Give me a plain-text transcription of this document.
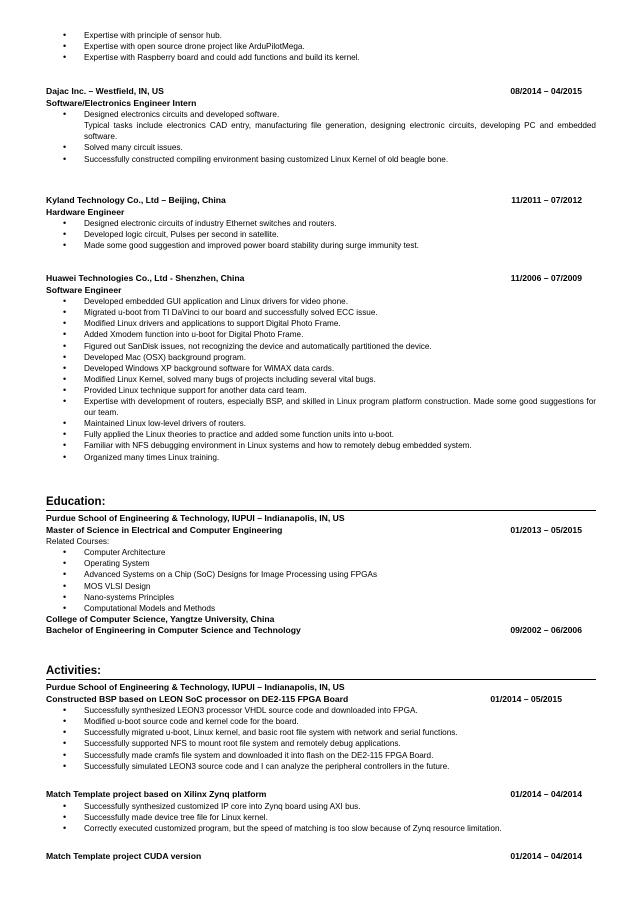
• Expertise with principle of sensor hub.
• Expertise with open source drone project like ArduPilotMega.
• Expertise with Raspberry board and could add functions and build its kernel.
Dajac Inc. – Westfield, IN, US	08/2014 – 04/2015
Software/Electronics Engineer Intern
• Designed electronics circuits and developed software.
Typical tasks include electronics CAD entry, manufacturing file generation, designing electronic circuits, developing PC and embedded software.
• Solved many circuit issues.
• Successfully constructed compiling environment basing customized Linux Kernel of old beagle bone.
Kyland Technology Co., Ltd – Beijing, China	11/2011 – 07/2012
Hardware Engineer
• Designed electronic circuits of industry Ethernet switches and routers.
• Developed logic circuit, Pulses per second in satellite.
• Made some good suggestion and improved power board stability during surge immunity test.
Huawei Technologies Co., Ltd - Shenzhen, China	11/2006 – 07/2009
Software Engineer
• Developed embedded GUI application and Linux drivers for video phone.
• Migrated u-boot from TI DaVinci to our board and successfully solved ECC issue.
• Modified Linux drivers and applications to support Digital Photo Frame.
• Added Xmodem function into u-boot for Digital Photo Frame.
• Figured out SanDisk issues, not recognizing the device and automatically partitioned the device.
• Developed Mac (OSX) background program.
• Developed Windows XP background software for WiMAX data cards.
• Modified Linux Kernel, solved many bugs of projects including several vital bugs.
• Provided Linux technique support for another data card team.
• Expertise with development of routers, especially BSP, and skilled in Linux program platform construction. Made some good suggestions for our team.
• Maintained Linux low-level drivers of routers.
• Fully applied the Linux theories to practice and added some function units into u-boot.
• Familiar with NFS debugging environment in Linux systems and how to remotely debug embedded system.
• Organized many times Linux training.
Education:
Purdue School of Engineering & Technology, IUPUI – Indianapolis, IN, US
Master of Science in Electrical and Computer Engineering	01/2013 – 05/2015
Related Courses:
• Computer Architecture
• Operating System
• Advanced Systems on a Chip (SoC) Designs for Image Processing using FPGAs
• MOS VLSI Design
• Nano-systems Principles
• Computational Models and Methods
College of Computer Science, Yangtze University, China
Bachelor of Engineering in Computer Science and Technology	09/2002 – 06/2006
Activities:
Purdue School of Engineering & Technology, IUPUI – Indianapolis, IN, US
Constructed BSP based on LEON SoC processor on DE2-115 FPGA Board	01/2014 – 05/2015
• Successfully synthesized LEON3 processor VHDL source code and downloaded into FPGA.
• Modified u-boot source code and kernel code for the board.
• Successfully migrated u-boot, Linux kernel, and basic root file system with network and serial functions.
• Successfully supported NFS to mount root file system and remotely debug applications.
• Successfully made cramfs file system and downloaded it into flash on the DE2-115 FPGA Board.
• Successfully simulated LEON3 source code and I can analyze the peripheral controllers in the future.
Match Template project based on Xilinx Zynq platform	01/2014 – 04/2014
• Successfully synthesized customized IP core into Zynq board using AXI bus.
• Successfully made device tree file for Linux kernel.
• Correctly executed customized program, but the speed of matching is too slow because of Zynq resource limitation.
Match Template project CUDA version	01/2014 – 04/2014
